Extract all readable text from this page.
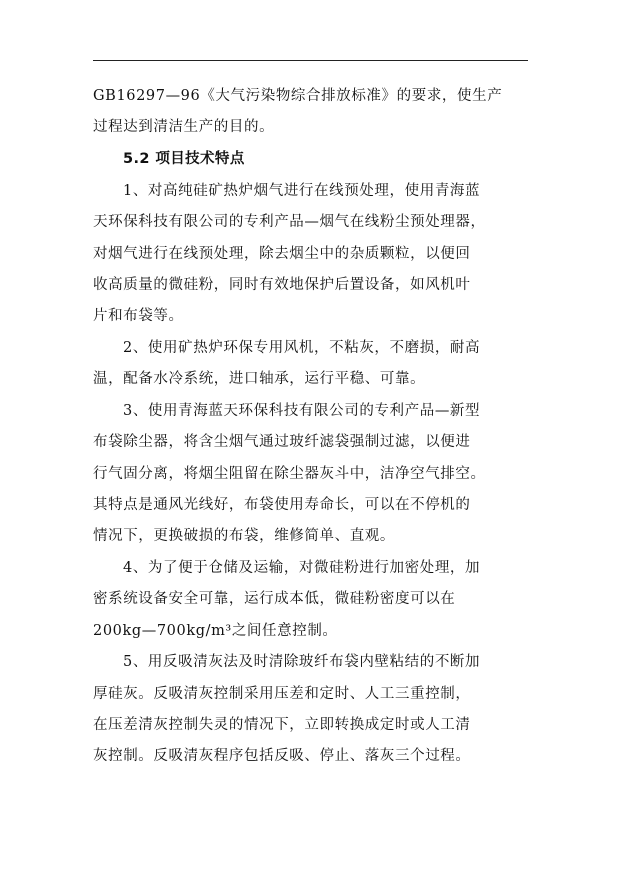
GB16297—96《大气污染物综合排放标准》的要求，使生产
过程达到清洁生产的目的。
5.2 项目技术特点
1、对高纯硅矿热炉烟气进行在线预处理，使用青海蓝
天环保科技有限公司的专利产品—烟气在线粉尘预处理器，
对烟气进行在线预处理，除去烟尘中的杂质颗粒，以便回
收高质量的微硅粉，同时有效地保护后置设备，如风机叶
片和布袋等。
2、使用矿热炉环保专用风机，不粘灰，不磨损，耐高
温，配备水冷系统，进口轴承，运行平稳、可靠。
3、使用青海蓝天环保科技有限公司的专利产品—新型
布袋除尘器，将含尘烟气通过玻纤滤袋强制过滤，以便进
行气固分离，将烟尘阻留在除尘器灰斗中，洁净空气排空。
其特点是通风光线好，布袋使用寿命长，可以在不停机的
情况下，更换破损的布袋，维修简单、直观。
4、为了便于仓储及运输，对微硅粉进行加密处理，加
密系统设备安全可靠，运行成本低，微硅粉密度可以在
200kg—700kg/m³之间任意控制。
5、用反吸清灰法及时清除玻纤布袋内壁粘结的不断加
厚硅灰。反吸清灰控制采用压差和定时、人工三重控制，
在压差清灰控制失灵的情况下，立即转换成定时或人工清
灰控制。反吸清灰程序包括反吸、停止、落灰三个过程。
